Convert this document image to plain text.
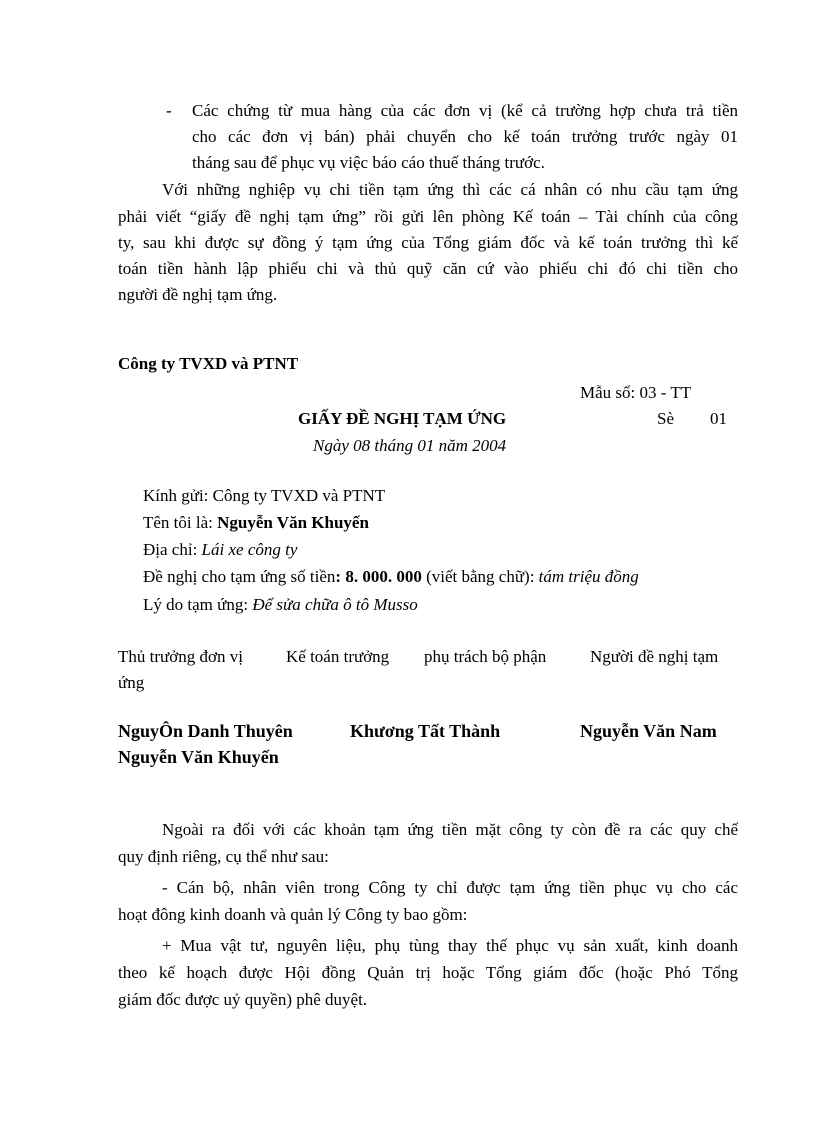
- Các chứng từ mua hàng của các đơn vị (kể cả trường hợp chưa trả tiền
cho các đơn vị bán) phải chuyển cho kế toán trưởng trước ngày 01
tháng sau để phục vụ việc báo cáo thuế tháng trước.
Với những nghiệp vụ chi tiền tạm ứng thì các cá nhân có nhu cầu tạm ứng
phải viết “giấy đề nghị tạm ứng” rồi gửi lên phòng Kế toán – Tài chính của công
ty, sau khi được sự đồng ý tạm ứng của Tổng giám đốc và kế toán trưởng thì kế
toán tiền hành lập phiếu chi và thủ quỹ căn cứ vào phiếu chi đó chi tiền cho
người đề nghị tạm ứng.
Công ty TVXD và PTNT
Mẫu số: 03 - TT
GIẤY ĐỀ NGHỊ TẠM ỨNG	Sè 01
Ngày 08 tháng 01 năm 2004
Kính gửi: Công ty TVXD và PTNT
Tên tôi là: Nguyễn Văn Khuyến
Địa chỉ: Lái xe công ty
Đề nghị cho tạm ứng số tiền: 8. 000. 000 (viết bằng chữ): tám triệu đồng
Lý do tạm ứng: Để sửa chữa ô tô Musso
Thủ trưởng đơn vị	Kế toán trưởng phụ trách bộ phận	Người đề nghị tạm
ứng
NguyÔn Danh Thuyên	Khương Tất Thành	Nguyễn Văn Nam
Nguyễn Văn Khuyến
Ngoài ra đối với các khoản tạm ứng tiền mặt công ty còn đề ra các quy chế
quy định riêng, cụ thể như sau:
- Cán bộ, nhân viên trong Công ty chỉ được tạm ứng tiền phục vụ cho các
hoạt đông kinh doanh và quản lý Công ty bao gồm:
+ Mua vật tư, nguyên liệu, phụ tùng thay thế phục vụ sản xuất, kinh doanh
theo kế hoạch được Hội đồng Quản trị hoặc Tổng giám đốc (hoặc Phó Tổng
giám đốc được uỷ quyền) phê duyệt.
